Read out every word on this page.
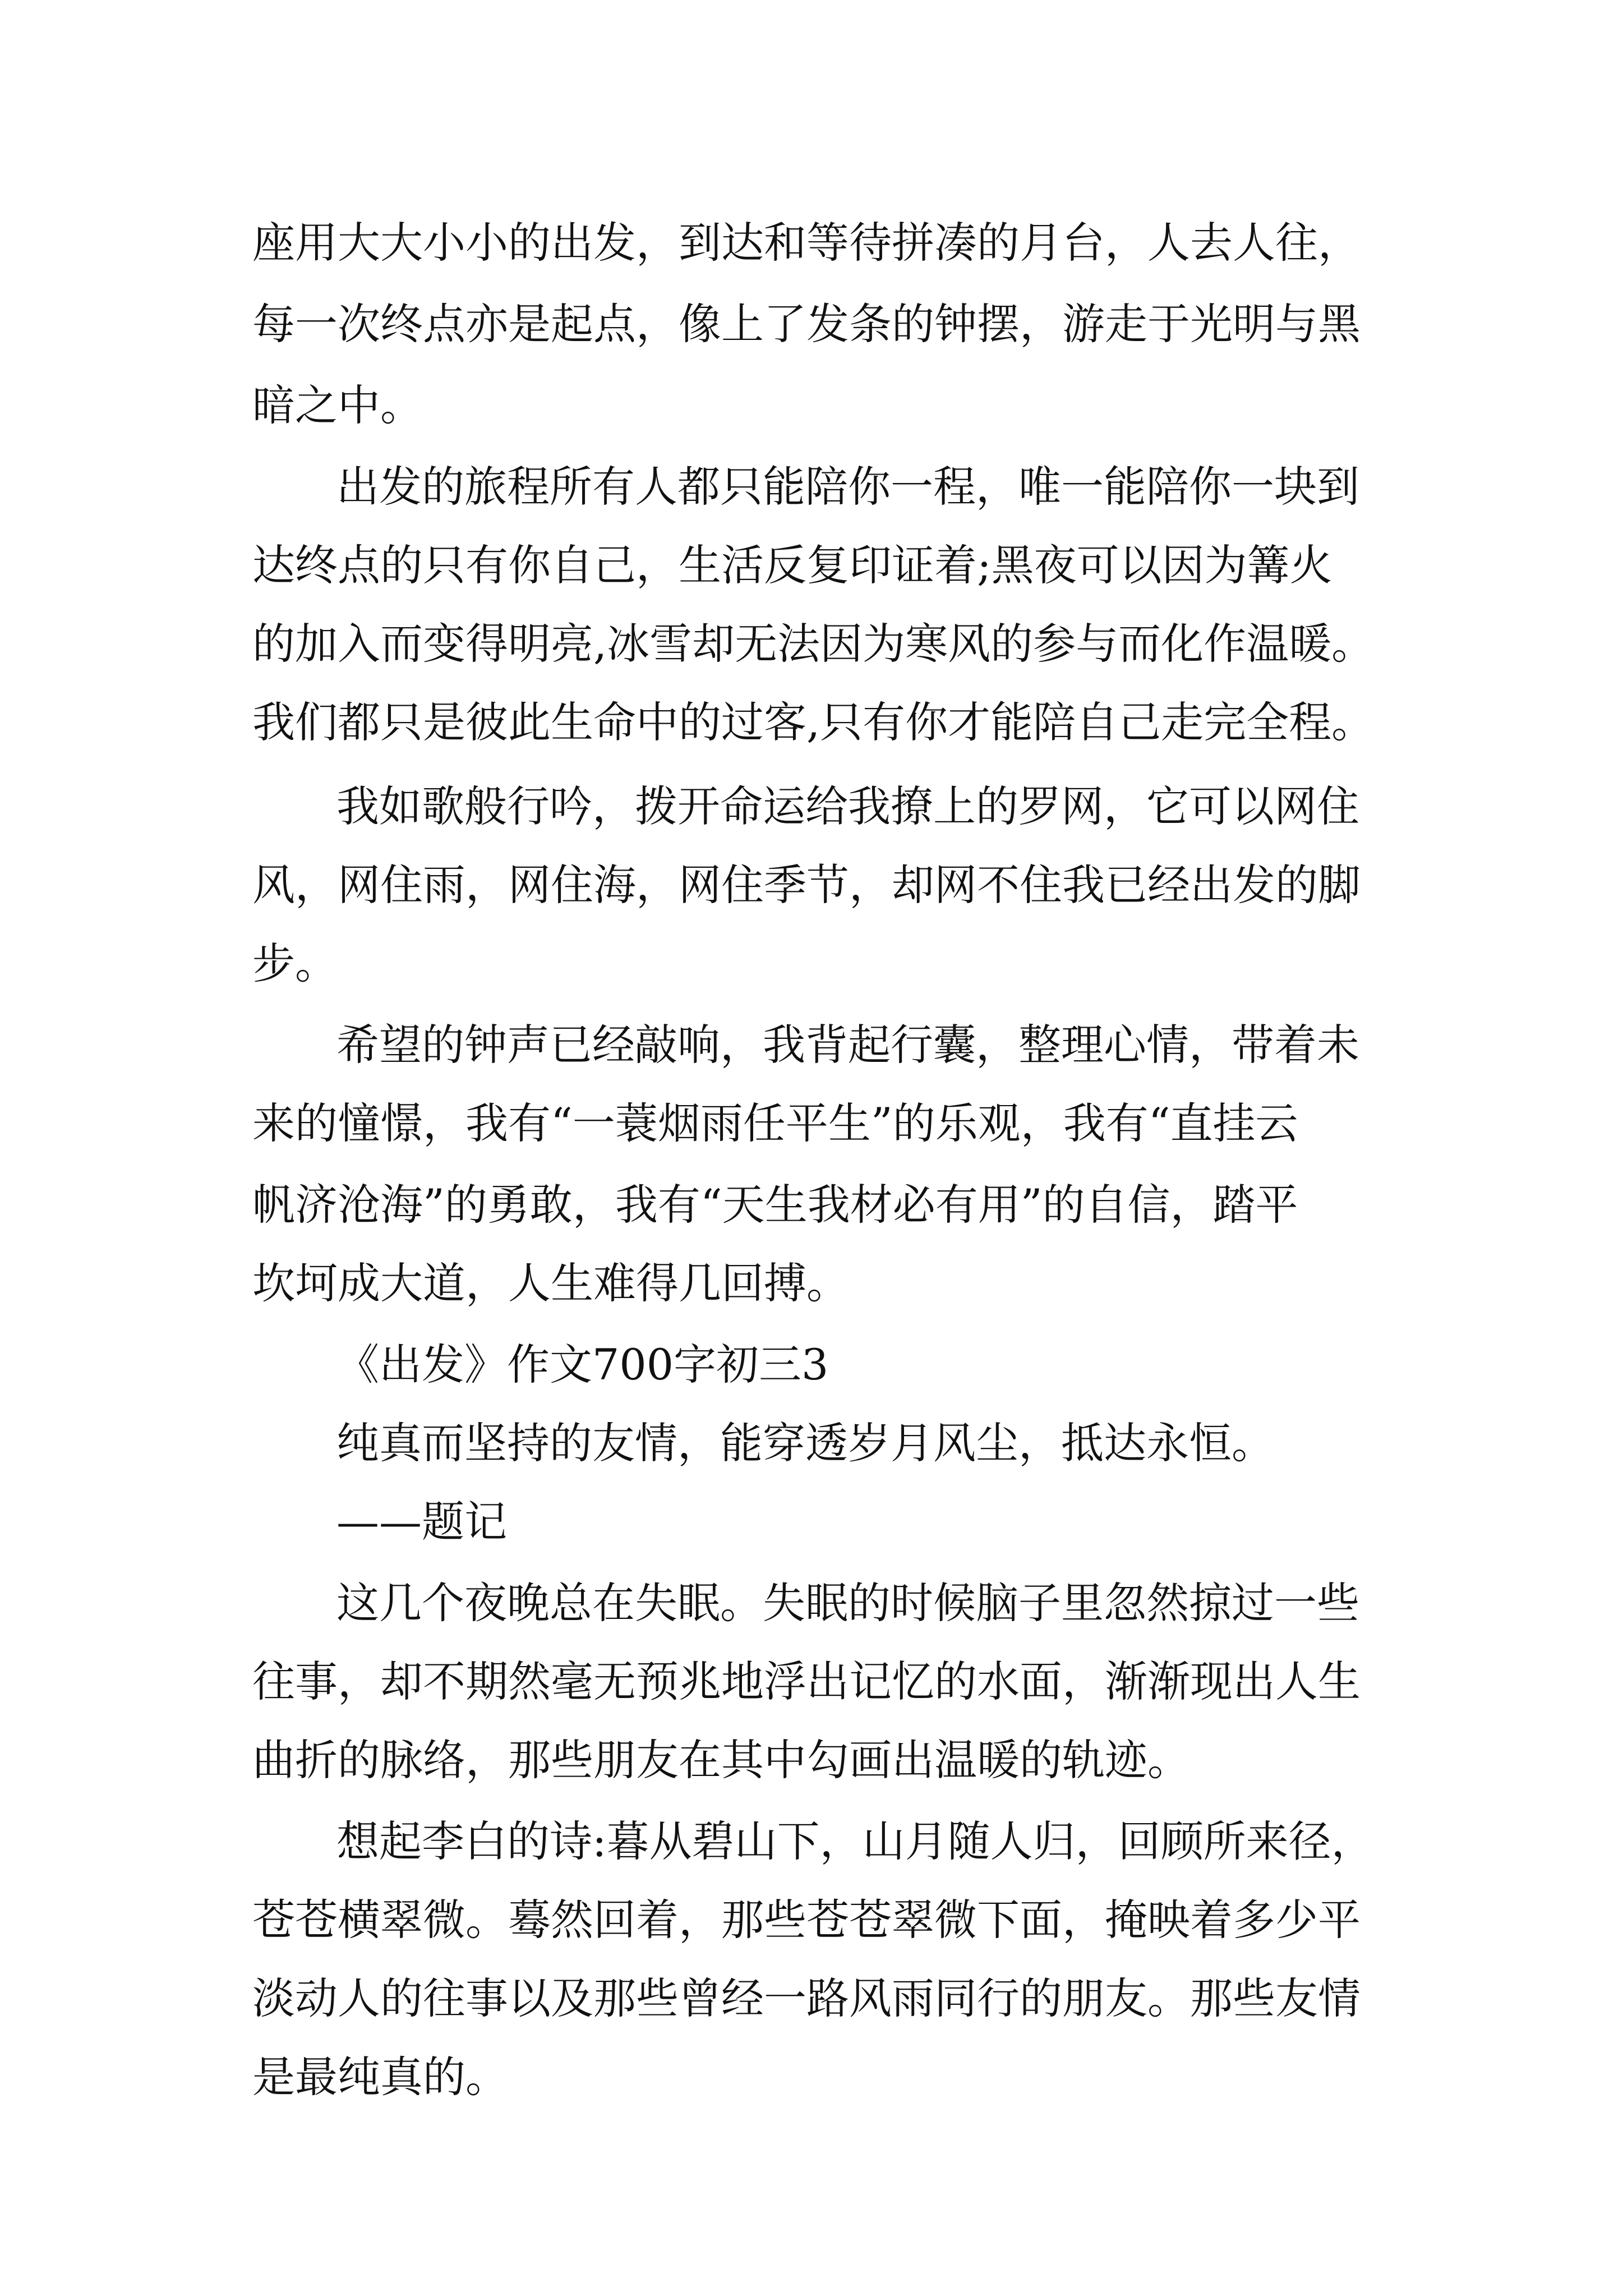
座用大大小小的出发，到达和等待拼凑的月台，人去人往，
每一次终点亦是起点，像上了发条的钟摆，游走于光明与黑
暗之中。
出发的旅程所有人都只能陪你一程，唯一能陪你一块到
达终点的只有你自己，生活反复印证着;黑夜可以因为篝火
的加入而变得明亮,冰雪却无法因为寒风的参与而化作温暖。
我们都只是彼此生命中的过客,只有你才能陪自己走完全程。
我如歌般行吟，拨开命运给我撩上的罗网，它可以网住
风，网住雨，网住海，网住季节，却网不住我已经出发的脚
步。
希望的钟声已经敲响，我背起行囊，整理心情，带着未
来的憧憬，我有“一蓑烟雨任平生”的乐观，我有“直挂云
帆济沧海”的勇敢，我有“天生我材必有用”的自信，踏平
坎坷成大道，人生难得几回搏。
《出发》作文700字初三3
纯真而坚持的友情，能穿透岁月风尘，抵达永恒。
——题记
这几个夜晚总在失眠。失眠的时候脑子里忽然掠过一些
往事，却不期然毫无预兆地浮出记忆的水面，渐渐现出人生
曲折的脉络，那些朋友在其中勾画出温暖的轨迹。
想起李白的诗:暮从碧山下，山月随人归，回顾所来径，
苍苍横翠微。蓦然回着，那些苍苍翠微下面，掩映着多少平
淡动人的往事以及那些曾经一路风雨同行的朋友。那些友情
是最纯真的。
